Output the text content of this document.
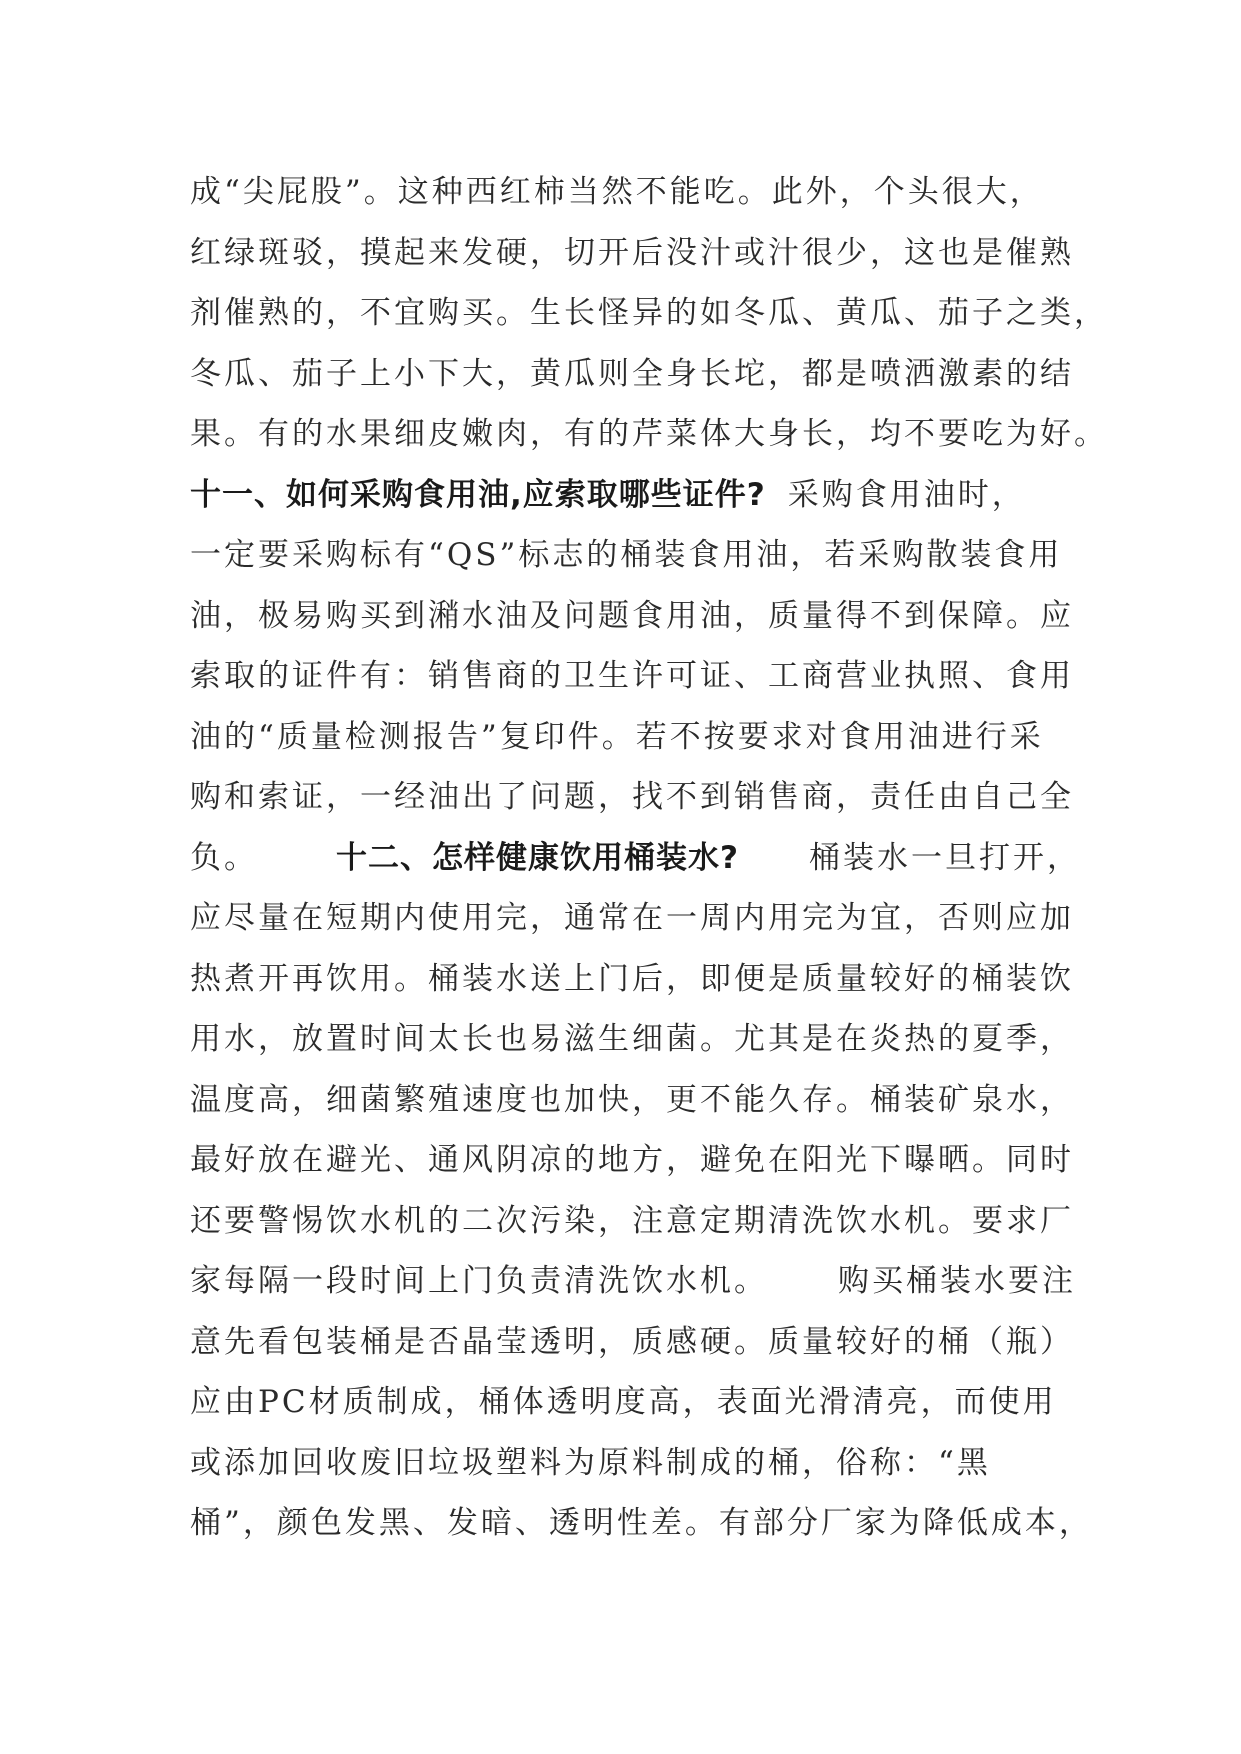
成“尖屁股”。这种西红柿当然不能吃。此外，个头很大，
红绿斑驳，摸起来发硬，切开后没汁或汁很少，这也是催熟
剂催熟的，不宜购买。生长怪异的如冬瓜、黄瓜、茄子之类，
冬瓜、茄子上小下大，黄瓜则全身长坨，都是喷洒激素的结
果。有的水果细皮嫩肉，有的芹菜体大身长，均不要吃为好。
十一、如何采购食用油,应索取哪些证件? 采购食用油时，
一定要采购标有“QS”标志的桶装食用油，若采购散装食用
油，极易购买到潲水油及问题食用油，质量得不到保障。应
索取的证件有：销售商的卫生许可证、工商营业执照、食用
油的“质量检测报告”复印件。若不按要求对食用油进行采
购和索证，一经油出了问题，找不到销售商，责任由自己全
负。	十二、怎样健康饮用桶装水? 桶装水一旦打开，
应尽量在短期内使用完，通常在一周内用完为宜，否则应加
热煮开再饮用。桶装水送上门后，即便是质量较好的桶装饮
用水，放置时间太长也易滋生细菌。尤其是在炎热的夏季，
温度高，细菌繁殖速度也加快，更不能久存。桶装矿泉水，
最好放在避光、通风阴凉的地方，避免在阳光下曝晒。同时
还要警惕饮水机的二次污染，注意定期清洗饮水机。要求厂
家每隔一段时间上门负责清洗饮水机。 购买桶装水要注
意先看包装桶是否晶莹透明，质感硬。质量较好的桶（瓶）
应由PC材质制成，桶体透明度高，表面光滑清亮，而使用
或添加回收废旧垃圾塑料为原料制成的桶，俗称：“黑
桶”，颜色发黑、发暗、透明性差。有部分厂家为降低成本，
